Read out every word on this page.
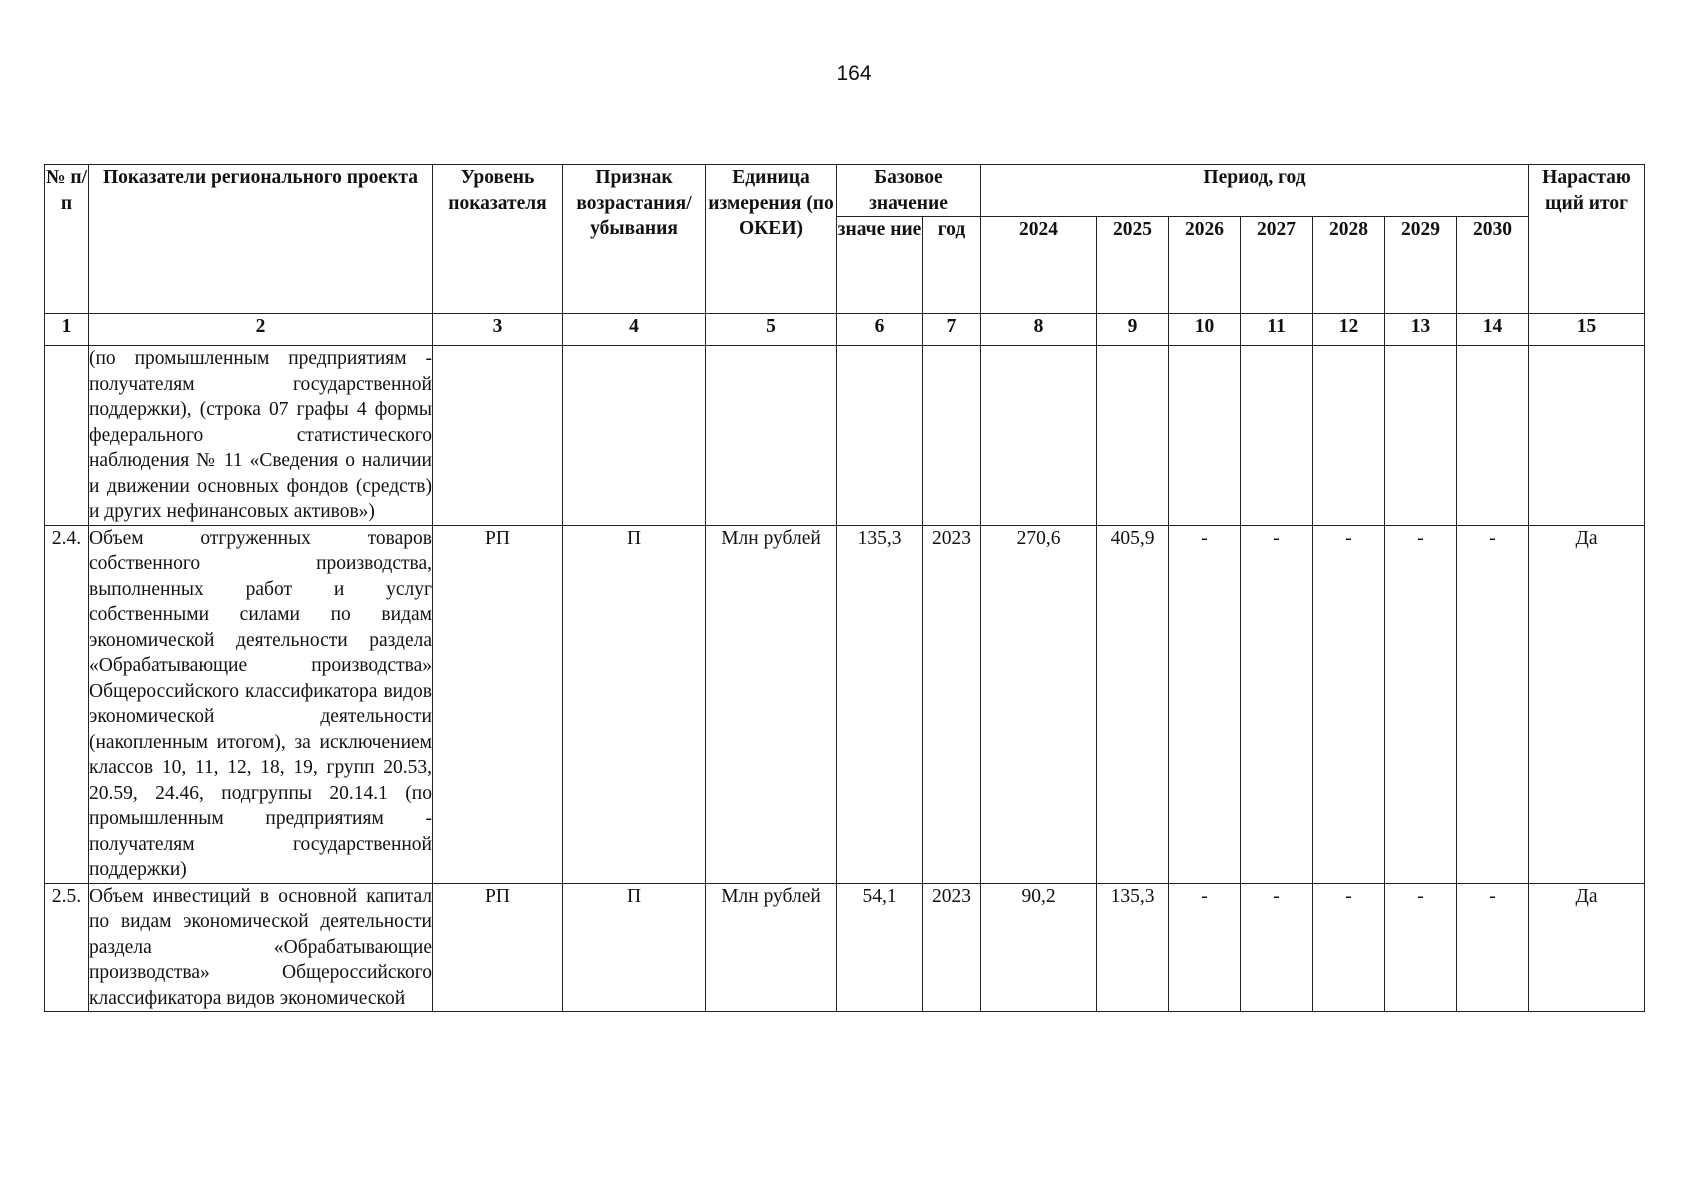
164
№ п/п	Показатели регионального проекта	Уровень показателя	Признак возрастания/ убывания	Единица измерения (по ОКЕИ)	Базовое значение		Период, год							Нарастаю щий итог
					значе ние	год	2024	2025	2026	2027	2028	2029	2030	
1	2	3	4	5	6	7	8	9	10	11	12	13	14	15
	(по промышленным предприятиям - получателям государственной поддержки), (строка 07 графы 4 формы федерального статистического наблюдения № 11 «Сведения о наличии и движении основных фондов (средств) и других нефинансовых активов»)													
2.4.	Объем отгруженных товаров собственного производства, выполненных работ и услуг собственными силами по видам экономической деятельности раздела «Обрабатывающие производства» Общероссийского классификатора видов экономической деятельности (накопленным итогом), за исключением классов 10, 11, 12, 18, 19, групп 20.53, 20.59, 24.46, подгруппы 20.14.1 (по промышленным предприятиям - получателям государственной поддержки)	РП	П	Млн рублей	135,3	2023	270,6	405,9	-	-	-	-	-	Да
2.5.	Объем инвестиций в основной капитал по видам экономической деятельности раздела «Обрабатывающие производства» Общероссийского классификатора видов экономической	РП	П	Млн рублей	54,1	2023	90,2	135,3	-	-	-	-	-	Да
